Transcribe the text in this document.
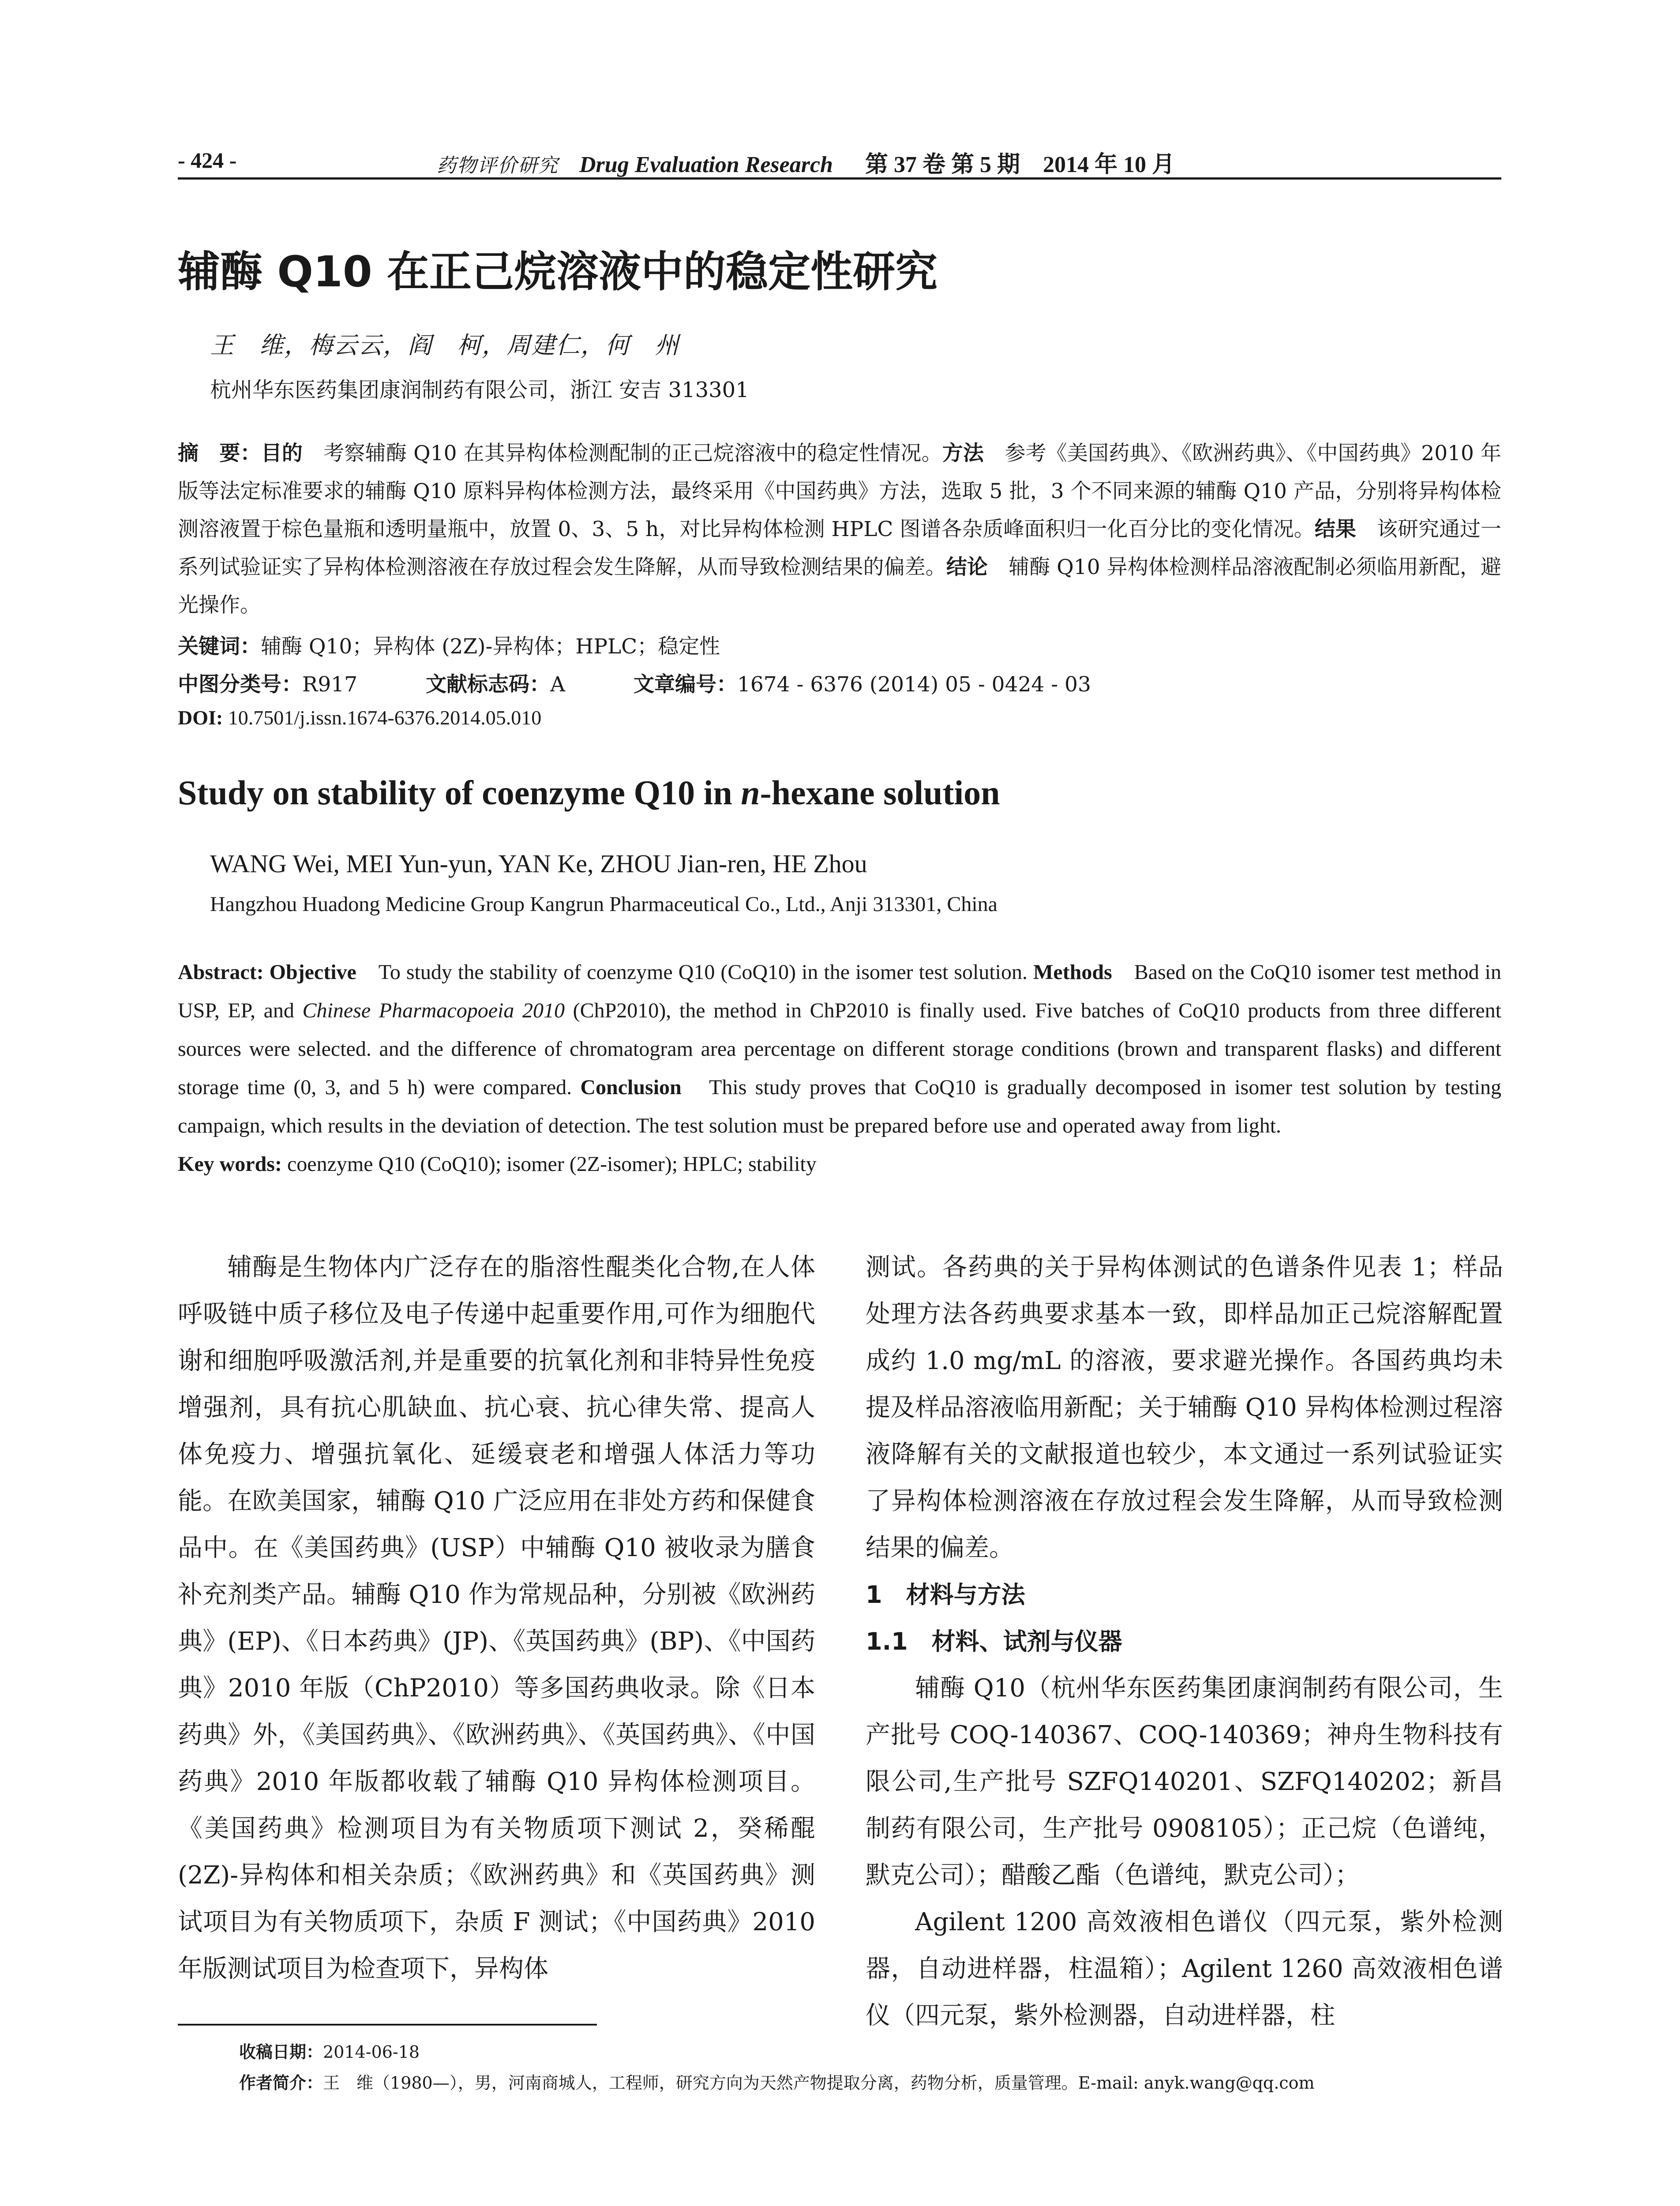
- 424 -	药物评价研究 Drug Evaluation Research 第 37 卷 第 5 期 2014 年 10 月
辅酶 Q10 在正己烷溶液中的稳定性研究
王　维，梅云云，阎　柯，周建仁，何　州
杭州华东医药集团康润制药有限公司，浙江 安吉 313301
摘　要：目的　考察辅酶 Q10 在其异构体检测配制的正己烷溶液中的稳定性情况。方法　参考《美国药典》、《欧洲药典》、《中国药典》2010 年版等法定标准要求的辅酶 Q10 原料异构体检测方法，最终采用《中国药典》方法，选取 5 批，3 个不同来源的辅酶 Q10 产品，分别将异构体检测溶液置于棕色量瓶和透明量瓶中，放置 0、3、5 h，对比异构体检测 HPLC 图谱各杂质峰面积归一化百分比的变化情况。结果　该研究通过一系列试验证实了异构体检测溶液在存放过程会发生降解，从而导致检测结果的偏差。结论　辅酶 Q10 异构体检测样品溶液配制必须临用新配，避光操作。
关键词：辅酶 Q10；异构体 (2Z)-异构体；HPLC；稳定性
中图分类号：R917	文献标志码：A	文章编号：1674 - 6376 (2014) 05 - 0424 - 03
DOI: 10.7501/j.issn.1674-6376.2014.05.010
Study on stability of coenzyme Q10 in n-hexane solution
WANG Wei, MEI Yun-yun, YAN Ke, ZHOU Jian-ren, HE Zhou
Hangzhou Huadong Medicine Group Kangrun Pharmaceutical Co., Ltd., Anji 313301, China
Abstract: Objective　To study the stability of coenzyme Q10 (CoQ10) in the isomer test solution. Methods　Based on the CoQ10 isomer test method in USP, EP, and Chinese Pharmacopoeia 2010 (ChP2010), the method in ChP2010 is finally used. Five batches of CoQ10 products from three different sources were selected. and the difference of chromatogram area percentage on different storage conditions (brown and transparent flasks) and different storage time (0, 3, and 5 h) were compared. Conclusion　This study proves that CoQ10 is gradually decomposed in isomer test solution by testing campaign, which results in the deviation of detection. The test solution must be prepared before use and operated away from light.
Key words: coenzyme Q10 (CoQ10); isomer (2Z-isomer); HPLC; stability

辅酶是生物体内广泛存在的脂溶性醌类化合物,在人体呼吸链中质子移位及电子传递中起重要作用,可作为细胞代谢和细胞呼吸激活剂,并是重要的抗氧化剂和非特异性免疫增强剂，具有抗心肌缺血、抗心衰、抗心律失常、提高人体免疫力、增强抗氧化、延缓衰老和增强人体活力等功能。在欧美国家，辅酶 Q10 广泛应用在非处方药和保健食品中。在《美国药典》(USP）中辅酶 Q10 被收录为膳食补充剂类产品。辅酶 Q10 作为常规品种，分别被《欧洲药典》(EP)、《日本药典》(JP)、《英国药典》(BP)、《中国药典》2010 年版（ChP2010）等多国药典收录。除《日本药典》外，《美国药典》、《欧洲药典》、《英国药典》、《中国药典》2010 年版都收载了辅酶 Q10 异构体检测项目。《美国药典》检测项目为有关物质项下测试 2，癸稀醌 (2Z)-异构体和相关杂质；《欧洲药典》和《英国药典》测试项目为有关物质项下，杂质 F 测试；《中国药典》2010 年版测试项目为检查项下，异构体

测试。各药典的关于异构体测试的色谱条件见表 1；样品处理方法各药典要求基本一致，即样品加正己烷溶解配置成约 1.0 mg/mL 的溶液，要求避光操作。各国药典均未提及样品溶液临用新配；关于辅酶 Q10 异构体检测过程溶液降解有关的文献报道也较少，本文通过一系列试验证实了异构体检测溶液在存放过程会发生降解，从而导致检测结果的偏差。

1　材料与方法

1.1　材料、试剂与仪器

辅酶 Q10（杭州华东医药集团康润制药有限公司，生产批号 COQ-140367、COQ-140369；神舟生物科技有限公司,生产批号 SZFQ140201、SZFQ140202；新昌制药有限公司，生产批号 0908105）；正己烷（色谱纯，默克公司）；醋酸乙酯（色谱纯，默克公司）；

Agilent 1200 高效液相色谱仪（四元泵，紫外检测器，自动进样器，柱温箱）；Agilent 1260 高效液相色谱仪（四元泵，紫外检测器，自动进样器，柱

收稿日期：2014-06-18
作者简介：王　维（1980—），男，河南商城人，工程师，研究方向为天然产物提取分离，药物分析，质量管理。E-mail: anyk.wang@qq.com
